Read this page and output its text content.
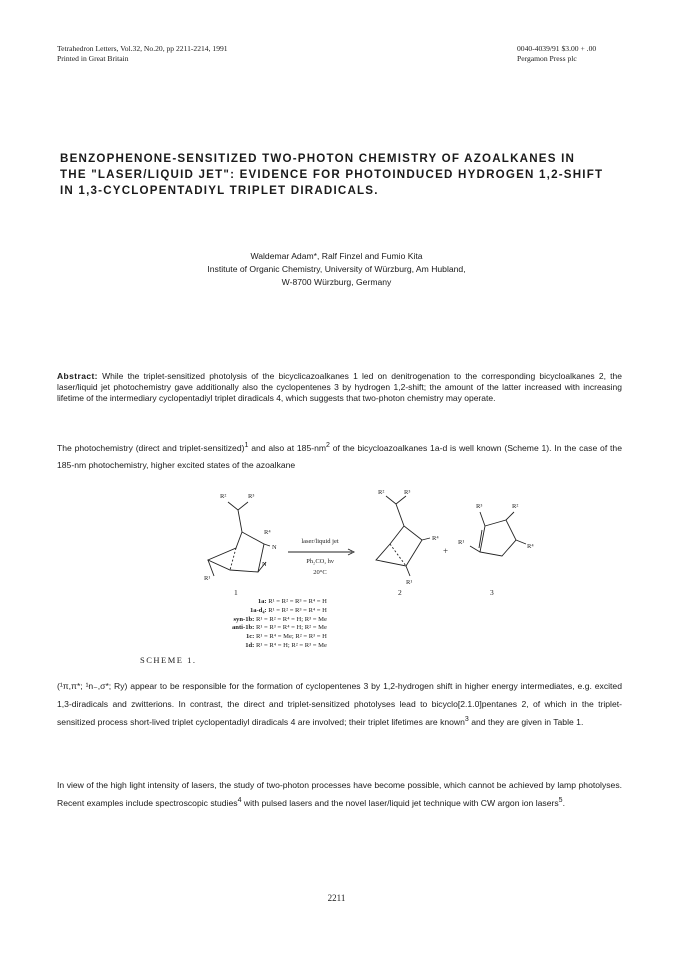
Tetrahedron Letters, Vol.32, No.20, pp 2211-2214, 1991
Printed in Great Britain
0040-4039/91 $3.00 + .00
Pergamon Press plc
BENZOPHENONE-SENSITIZED TWO-PHOTON CHEMISTRY OF AZOALKANES IN
THE "LASER/LIQUID JET": EVIDENCE FOR PHOTOINDUCED HYDROGEN 1,2-SHIFT
IN 1,3-CYCLOPENTADIYL TRIPLET DIRADICALS.
Waldemar Adam*, Ralf Finzel and Fumio Kita
Institute of Organic Chemistry, University of Würzburg, Am Hubland,
W-8700 Würzburg, Germany
Abstract: While the triplet-sensitized photolysis of the bicyclicazoalkanes 1 led on denitrogenation to the corresponding bicycloalkanes 2, the laser/liquid jet photochemistry gave additionally also the cyclopentenes 3 by hydrogen 1,2-shift; the amount of the latter increased with increasing lifetime of the intermediary cyclopentadiyl triplet diradicals 4, which suggests that two-photon chemistry may operate.
The photochemistry (direct and triplet-sensitized)$^1$ and also at $185-nm^2$ of the bicycloazoalkanes 1a-d is well known (Scheme 1). In the case of the 185-nm photochemistry, higher excited states of the azoalkane
R²	R³
R⁴
N
N
R¹
1
laser/liquid jet
Ph₂CO, hν
20°C
R²	R³
R⁴
R¹
2
+
R³	R²
R⁴
R¹
3
1a: R¹ = R² = R³ = R⁴ = H
1a-d₄: R¹ = R² = R³ = R⁴ = H
syn-1b: R¹ = R² = R⁴ = H; R³ = Me
anti-1b: R¹ = R³ = R⁴ = H; R² = Me
1c: R¹ = R⁴ = Me; R² = R³ = H
1d: R¹ = R⁴ = H; R² = R³ = Me
SCHEME 1.
(¹π,π*; ¹n₋,σ*; Ry) appear to be responsible for the formation of cyclopentenes 3 by 1,2-hydrogen shift in higher energy intermediates, e.g. excited 1,3-diradicals and zwitterions. In contrast, the direct and triplet-sensitized photolyses lead to bicyclo[2.1.0]pentanes 2, of which in the triplet-sensitized process short-lived triplet cyclopentadiyl diradicals 4 are involved; their triplet lifetimes are known$^3$ and they are given in Table 1.
In view of the high light intensity of lasers, the study of two-photon processes have become possible, which cannot be achieved by lamp photolyses. Recent examples include spectroscopic studies$^4$ with pulsed lasers and the novel laser/liquid jet technique with CW argon ion lasers$^5$.
2211
